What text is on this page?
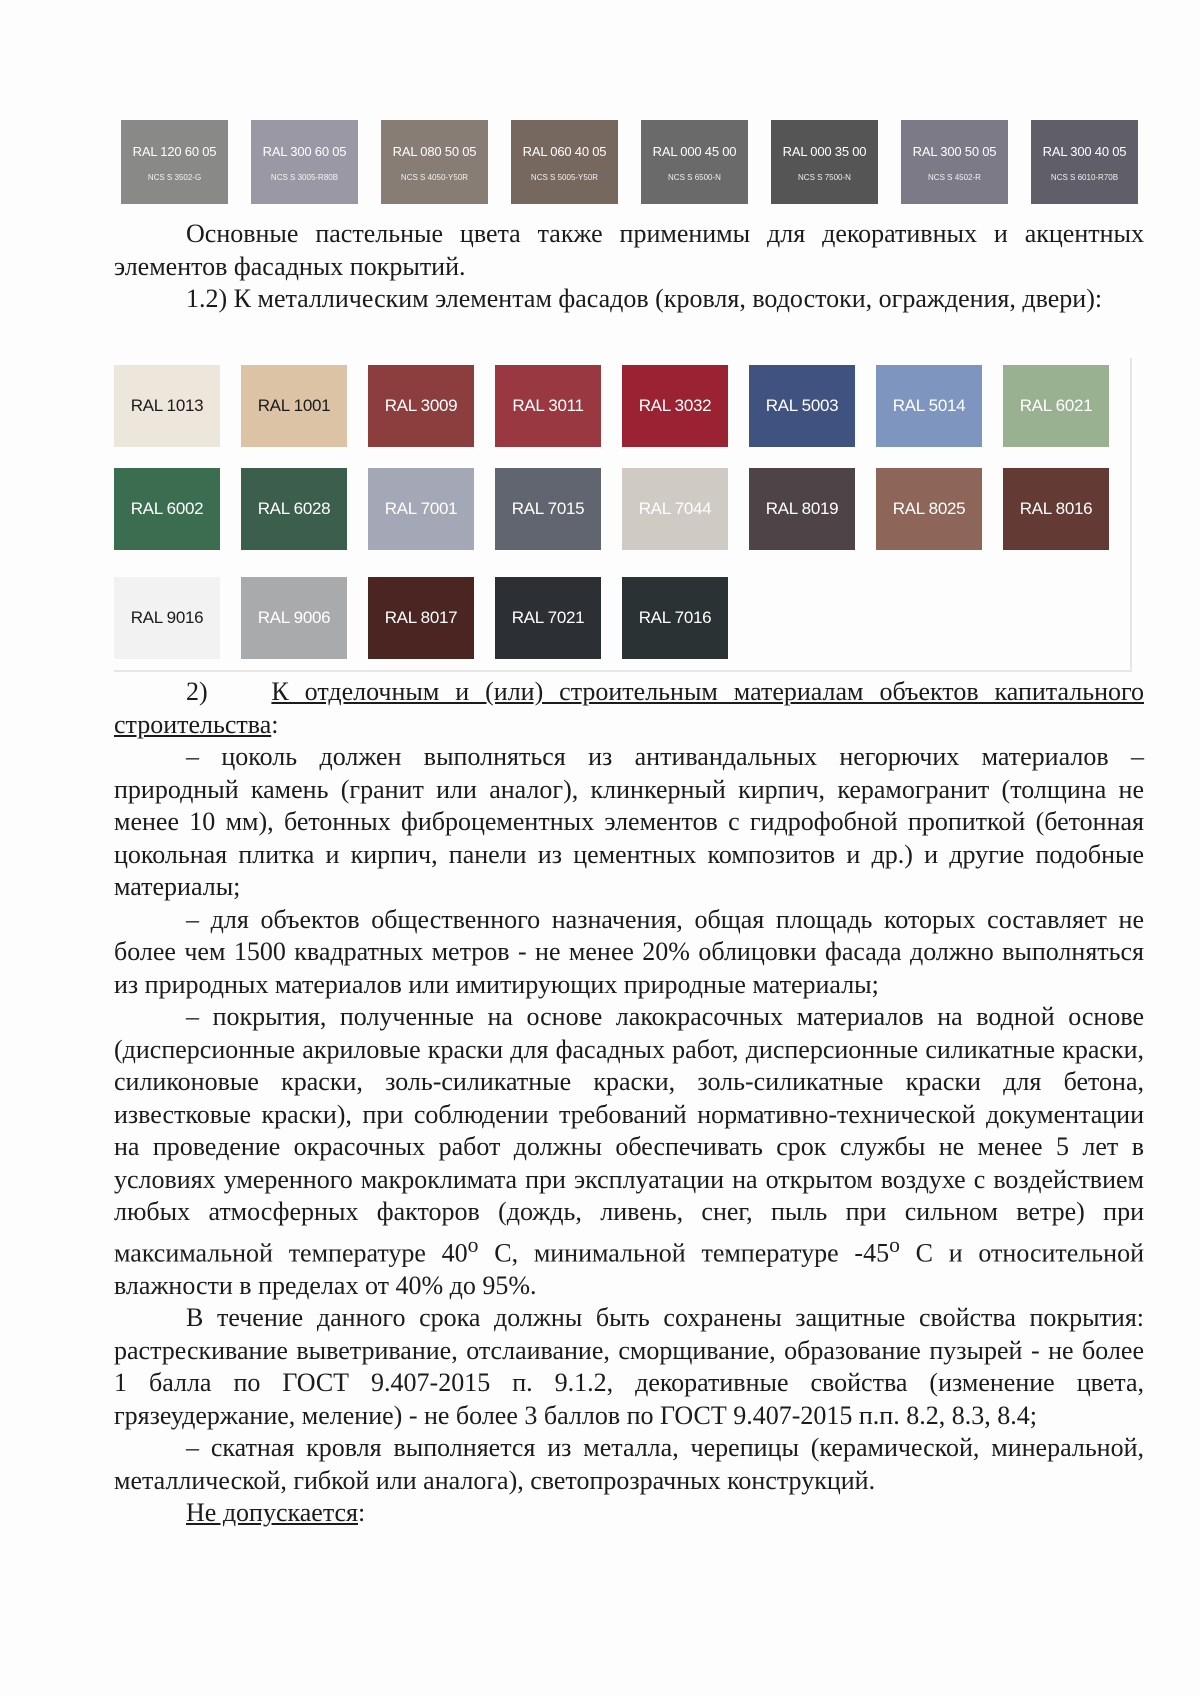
RAL 120 60 05
NCS S 3502-G
RAL 300 60 05
NCS S 3005-R80B
RAL 080 50 05
NCS S 4050-Y50R
RAL 060 40 05
NCS S 5005-Y50R
RAL 000 45 00
NCS S 6500-N
RAL 000 35 00
NCS S 7500-N
RAL 300 50 05
NCS S 4502-R
RAL 300 40 05
NCS S 6010-R70B

Основные пастельные цвета также применимы для декоративных и акцентных элементов фасадных покрытий.

1.2) К металлическим элементам фасадов (кровля, водостоки, ограждения, двери):

RAL 1013	RAL 1001	RAL 3009	RAL 3011	RAL 3032	RAL 5003	RAL 5014	RAL 6021
RAL 6002	RAL 6028	RAL 7001	RAL 7015	RAL 7044	RAL 8019	RAL 8025	RAL 8016
RAL 9016	RAL 9006	RAL 8017	RAL 7021	RAL 7016

2) К отделочным и (или) строительным материалам объектов капитального строительства:

– цоколь должен выполняться из антивандальных негорючих материалов – природный камень (гранит или аналог), клинкерный кирпич, керамогранит (толщина не менее 10 мм), бетонных фиброцементных элементов с гидрофобной пропиткой (бетонная цокольная плитка и кирпич, панели из цементных композитов и др.) и другие подобные материалы;

– для объектов общественного назначения, общая площадь которых составляет не более чем 1500 квадратных метров - не менее 20% облицовки фасада должно выполняться из природных материалов или имитирующих природные материалы;

– покрытия, полученные на основе лакокрасочных материалов на водной основе (дисперсионные акриловые краски для фасадных работ, дисперсионные силикатные краски, силиконовые краски, золь-силикатные краски, золь-силикатные краски для бетона, известковые краски), при соблюдении требований нормативно-технической документации на проведение окрасочных работ должны обеспечивать срок службы не менее 5 лет в условиях умеренного макроклимата при эксплуатации на открытом воздухе с воздействием любых атмосферных факторов (дождь, ливень, снег, пыль при сильном ветре) при максимальной температуре 40$^o$ С, минимальной температуре -45$^o$ С и относительной влажности в пределах от 40% до 95%.

В течение данного срока должны быть сохранены защитные свойства покрытия: растрескивание выветривание, отслаивание, сморщивание, образование пузырей - не более 1 балла по ГОСТ 9.407-2015 п. 9.1.2, декоративные свойства (изменение цвета, грязеудержание, меление) - не более 3 баллов по ГОСТ 9.407-2015 п.п. 8.2, 8.3, 8.4;

– скатная кровля выполняется из металла, черепицы (керамической, минеральной, металлической, гибкой или аналога), светопрозрачных конструкций.

Не допускается:
